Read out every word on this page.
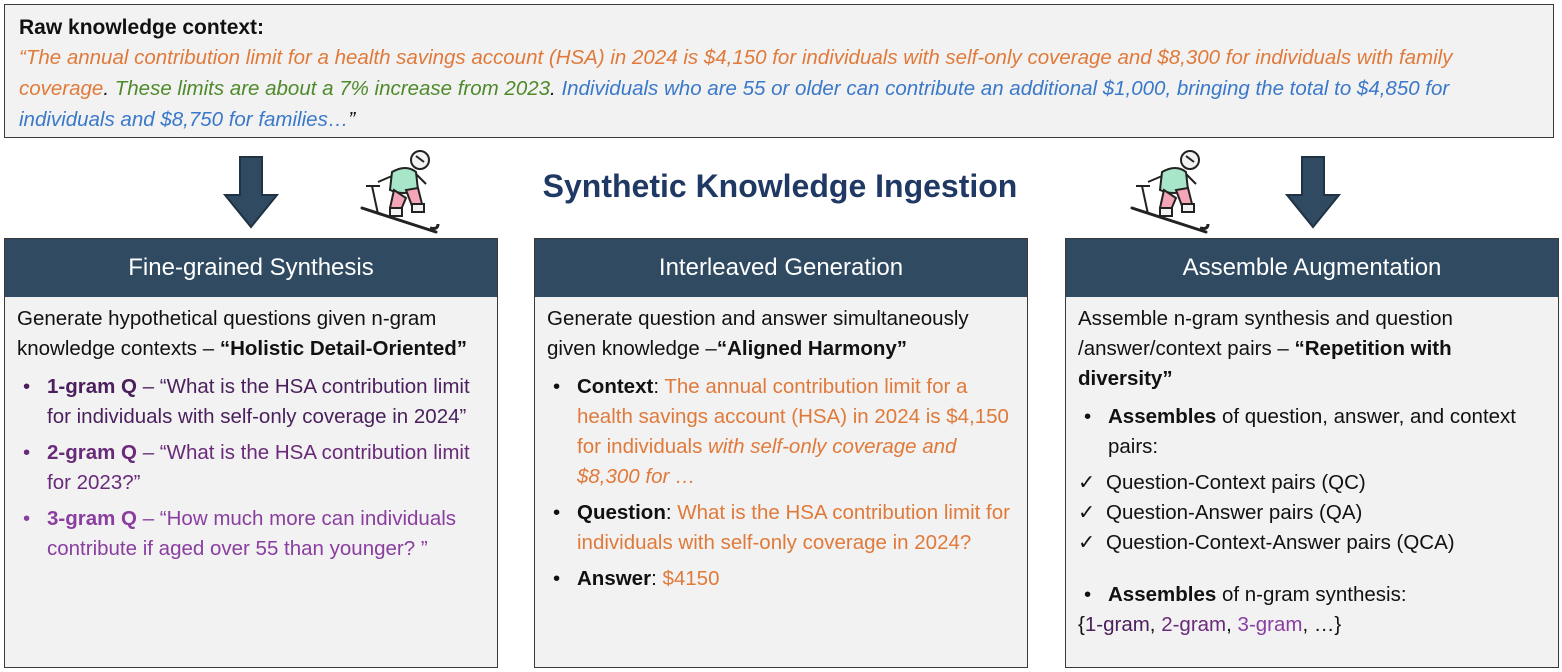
Raw knowledge context:
“The annual contribution limit for a health savings account (HSA) in 2024 is $4,150 for individuals with self-only coverage and $8,300 for individuals with family coverage. These limits are about a 7% increase from 2023. Individuals who are 55 or older can contribute an additional $1,000, bringing the total to $4,850 for individuals and $8,750 for families…”
Synthetic Knowledge Ingestion
Fine-grained Synthesis
Generate hypothetical questions given n-gram knowledge contexts – “Holistic Detail-Oriented”
• 1-gram Q – “What is the HSA contribution limit for individuals with self-only coverage in 2024”
• 2-gram Q – “What is the HSA contribution limit for 2023?”
• 3-gram Q – “How much more can individuals contribute if aged over 55 than younger? ”
Interleaved Generation
Generate question and answer simultaneously given knowledge –“Aligned Harmony”
• Context: The annual contribution limit for a health savings account (HSA) in 2024 is $4,150 for individuals with self-only coverage and $8,300 for …
• Question: What is the HSA contribution limit for individuals with self-only coverage in 2024?
• Answer: $4150
Assemble Augmentation
Assemble n-gram synthesis and question /answer/context pairs – “Repetition with diversity”
• Assembles of question, answer, and context pairs:
✓ Question-Context pairs (QC)
✓ Question-Answer pairs (QA)
✓ Question-Context-Answer pairs (QCA)
• Assembles of n-gram synthesis:
{1-gram, 2-gram, 3-gram, …}
